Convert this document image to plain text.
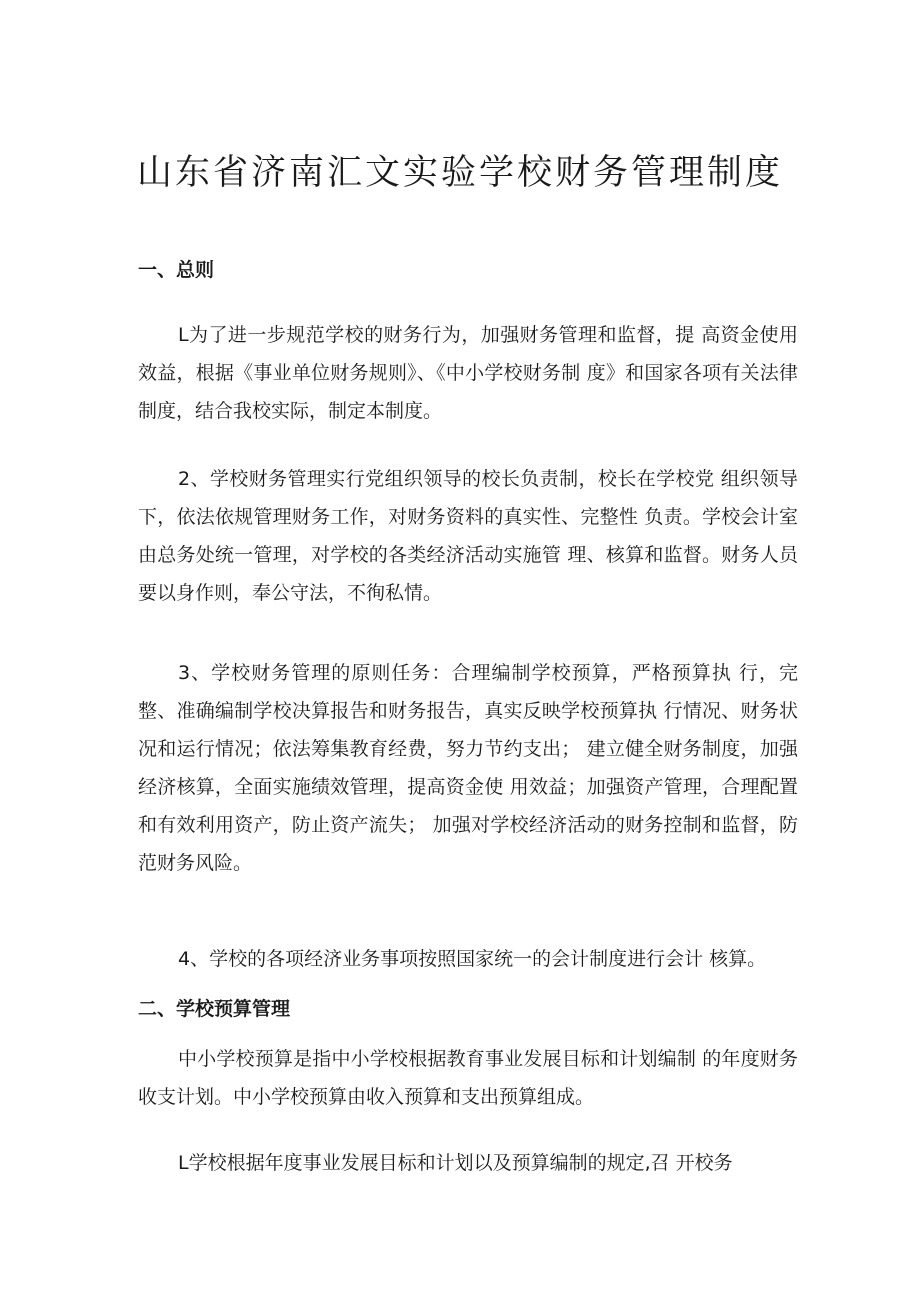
山东省济南汇文实验学校财务管理制度
一、总则

L为了进一步规范学校的财务行为，加强财务管理和监督，提 高资金使用效益，根据《事业单位财务规则》、《中小学校财务制 度》和国家各项有关法律制度，结合我校实际，制定本制度。

2、学校财务管理实行党组织领导的校长负责制，校长在学校党 组织领导下，依法依规管理财务工作，对财务资料的真实性、完整性 负责。学校会计室由总务处统一管理，对学校的各类经济活动实施管 理、核算和监督。财务人员要以身作则，奉公守法，不徇私情。

3、学校财务管理的原则任务：合理编制学校预算，严格预算执 行，完整、准确编制学校决算报告和财务报告，真实反映学校预算执 行情况、财务状况和运行情况；依法筹集教育经费，努力节约支出； 建立健全财务制度，加强经济核算，全面实施绩效管理，提高资金使 用效益；加强资产管理，合理配置和有效利用资产，防止资产流失； 加强对学校经济活动的财务控制和监督，防范财务风险。

4、学校的各项经济业务事项按照国家统一的会计制度进行会计 核算。

二、学校预算管理

中小学校预算是指中小学校根据教育事业发展目标和计划编制 的年度财务收支计划。中小学校预算由收入预算和支出预算组成。

L学校根据年度事业发展目标和计划以及预算编制的规定,召 开校务
